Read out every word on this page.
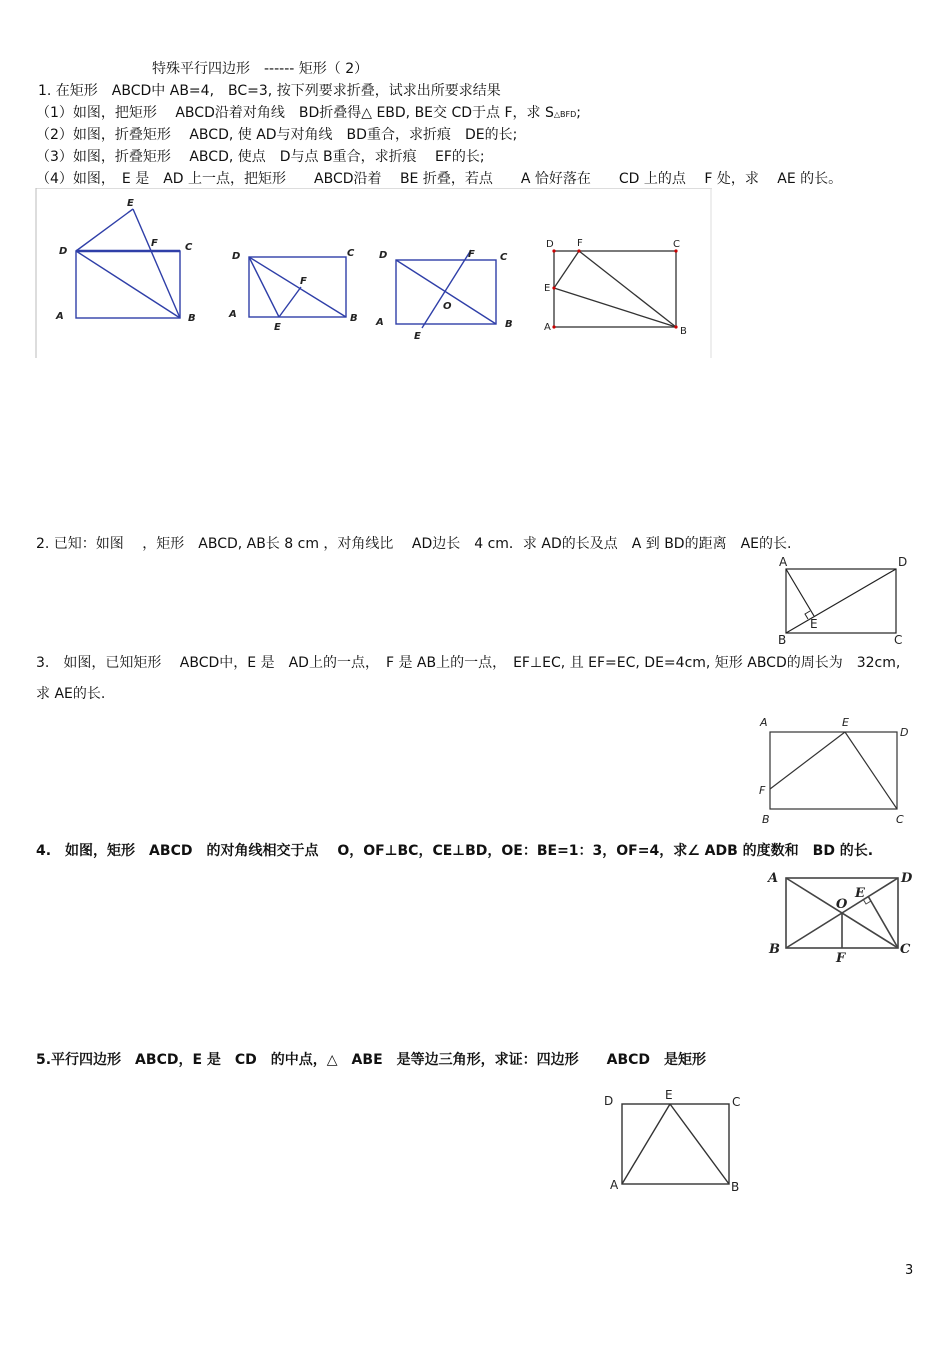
特殊平行四边形　------ 矩形（ 2）
1. 在矩形　ABCD中 AB=4,　BC=3, 按下列要求折叠，试求出所要求结果
（1）如图，把矩形　 ABCD沿着对角线　BD折叠得△ EBD, BE交 CD于点 F，求 S△BFD;
（2）如图，折叠矩形　 ABCD, 使 AD与对角线　BD重合，求折痕　DE的长;
（3）如图，折叠矩形　 ABCD, 使点　D与点 B重合，求折痕　 EF的长;
（4）如图，　E 是　AD 上一点，把矩形　　ABCD沿着　 BE 折叠，若点　　A 恰好落在　　CD 上的点　 F 处，求　 AE 的长。
E
D
F	C
A	B
D	C
F
A
E
B
D	F	C
O
A
E
B
D F	C
E
A	B
2. 已知：如图　 ，矩形　ABCD, AB长 8 cm ，对角线比　 AD边长　4 cm．求 AD的长及点　A 到 BD的距离　AE的长.
A	D
E
B	C
3.　如图，已知矩形　 ABCD中，E 是　AD上的一点，　F 是 AB上的一点，　EF⊥EC, 且 EF=EC, DE=4cm, 矩形 ABCD的周长为　32cm,
求 AE的长.
A	E
D
F
B	C
4.　如图，矩形　ABCD　的对角线相交于点　 O，OF⊥BC，CE⊥BD，OE：BE=1：3，OF=4，求∠ ADB 的度数和　BD 的长.
A	D
E
O
B
F
C
5.平行四边形　ABCD，E 是　CD　的中点，△　ABE　是等边三角形，求证：四边形　　ABCD　是矩形
D	E	C
A	B
3
